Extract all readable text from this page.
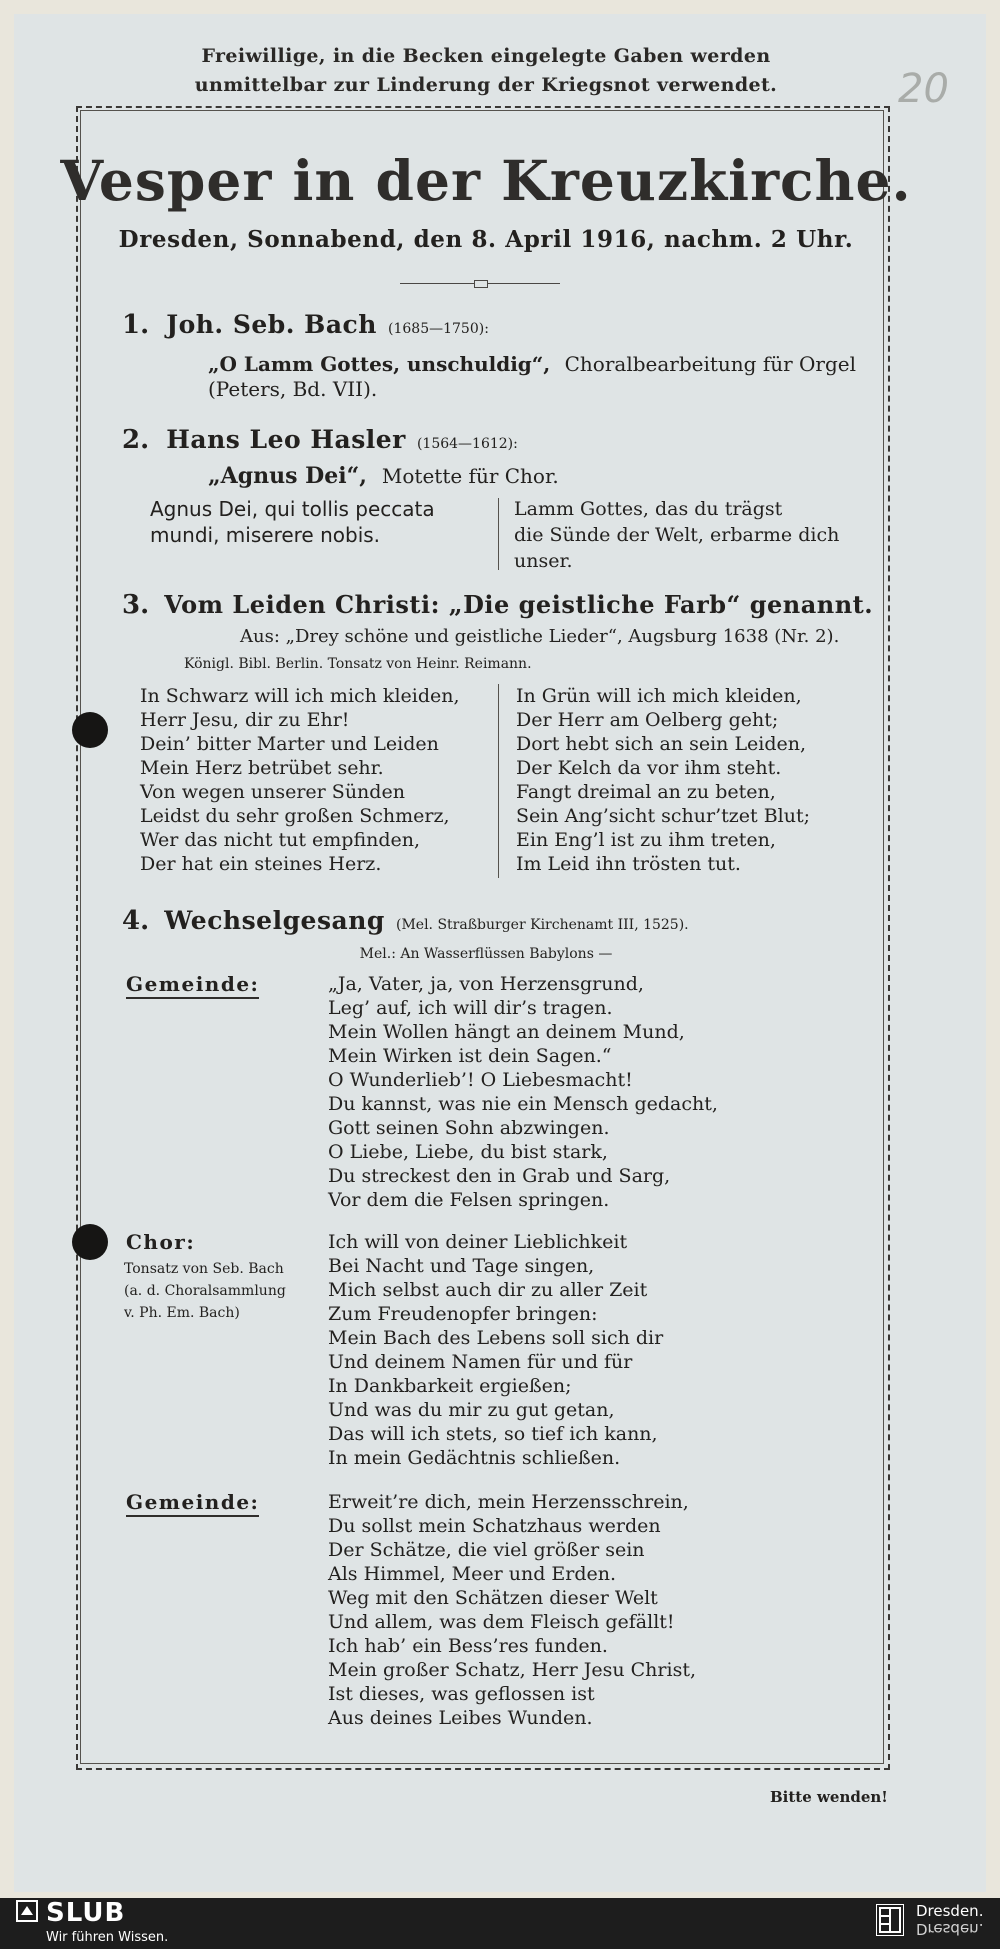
Freiwillige, in die Becken eingelegte Gaben werden
unmittelbar zur Linderung der Kriegsnot verwendet.	20
Vesper in der Kreuzkirche.
Dresden, Sonnabend, den 8. April 1916, nachm. 2 Uhr.
1. Joh. Seb. Bach (1685—1750):
„O Lamm Gottes, unschuldig“, Choralbearbeitung für Orgel
(Peters, Bd. VII).
2. Hans Leo Hasler (1564—1612):
„Agnus Dei“, Motette für Chor.
Agnus Dei, qui tollis peccata
mundi, miserere nobis.
Lamm Gottes, das du trägst
die Sünde der Welt, erbarme dich
unser.
3. Vom Leiden Christi: „Die geistliche Farb“ genannt.
Aus: „Drey schöne und geistliche Lieder“, Augsburg 1638 (Nr. 2).
Königl. Bibl. Berlin. Tonsatz von Heinr. Reimann.
In Schwarz will ich mich kleiden,
Herr Jesu, dir zu Ehr!
Dein’ bitter Marter und Leiden
Mein Herz betrübet sehr.
Von wegen unserer Sünden
Leidst du sehr großen Schmerz,
Wer das nicht tut empfinden,
Der hat ein steines Herz.
In Grün will ich mich kleiden,
Der Herr am Oelberg geht;
Dort hebt sich an sein Leiden,
Der Kelch da vor ihm steht.
Fangt dreimal an zu beten,
Sein Ang’sicht schur’tzet Blut;
Ein Eng’l ist zu ihm treten,
Im Leid ihn trösten tut.
4. Wechselgesang (Mel. Straßburger Kirchenamt III, 1525).
Mel.: An Wasserflüssen Babylons —
Gemeinde:	„Ja, Vater, ja, von Herzensgrund,
Leg’ auf, ich will dir’s tragen.
Mein Wollen hängt an deinem Mund,
Mein Wirken ist dein Sagen.“
O Wunderlieb’! O Liebesmacht!
Du kannst, was nie ein Mensch gedacht,
Gott seinen Sohn abzwingen.
O Liebe, Liebe, du bist stark,
Du streckest den in Grab und Sarg,
Vor dem die Felsen springen.
Chor:
Tonsatz von Seb. Bach
(a. d. Choralsammlung
v. Ph. Em. Bach)
Ich will von deiner Lieblichkeit
Bei Nacht und Tage singen,
Mich selbst auch dir zu aller Zeit
Zum Freudenopfer bringen:
Mein Bach des Lebens soll sich dir
Und deinem Namen für und für
In Dankbarkeit ergießen;
Und was du mir zu gut getan,
Das will ich stets, so tief ich kann,
In mein Gedächtnis schließen.
Gemeinde:	Erweit’re dich, mein Herzensschrein,
Du sollst mein Schatzhaus werden
Der Schätze, die viel größer sein
Als Himmel, Meer und Erden.
Weg mit den Schätzen dieser Welt
Und allem, was dem Fleisch gefällt!
Ich hab’ ein Bess’res funden.
Mein großer Schatz, Herr Jesu Christ,
Ist dieses, was geflossen ist
Aus deines Leibes Wunden.
Bitte wenden!
SLUB
Wir führen Wissen.
Dresden.
Dresden.
